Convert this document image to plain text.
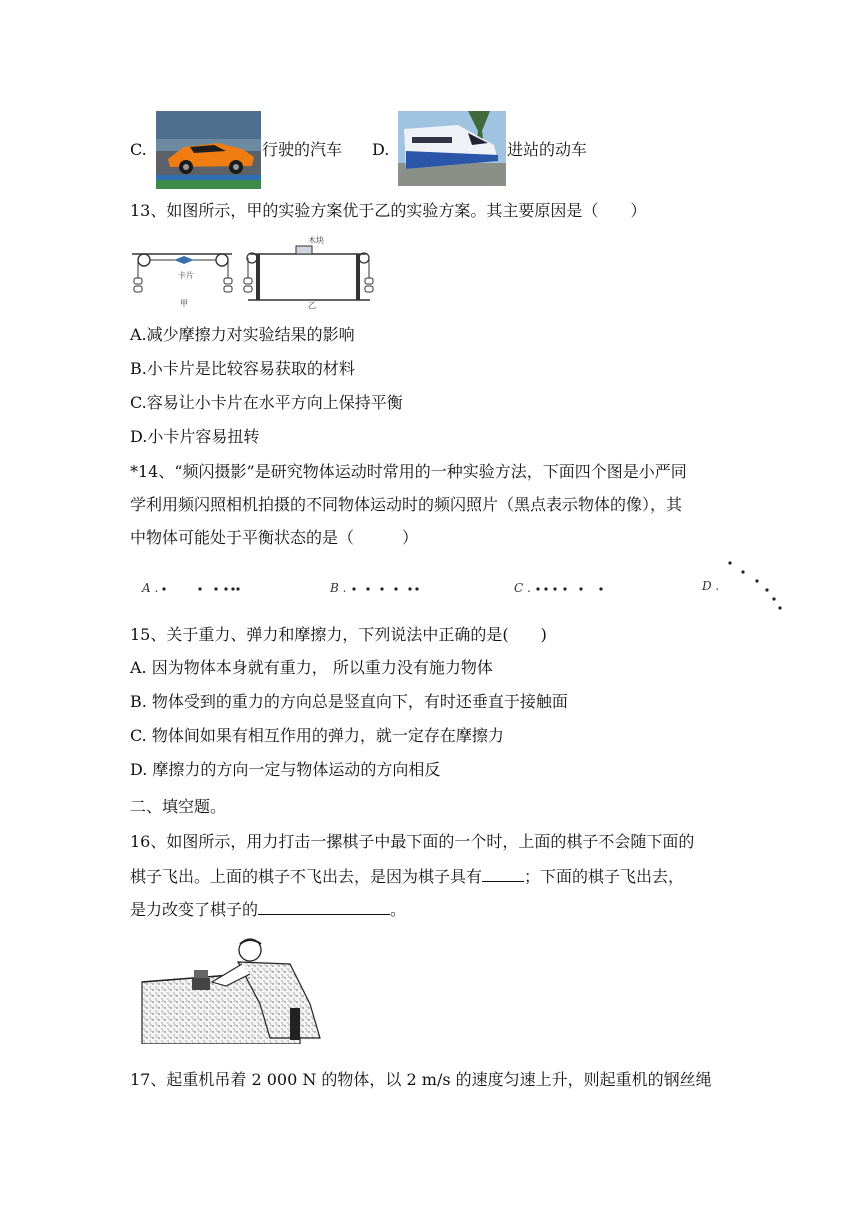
C.	行驶的汽车 D.	进站的动车
13、如图所示，甲的实验方案优于乙的实验方案。其主要原因是（　　）
卡片
甲
木块
乙
A.减少摩擦力对实验结果的影响
B.小卡片是比较容易获取的材料
C.容易让小卡片在水平方向上保持平衡
D.小卡片容易扭转
*14、“频闪摄影”是研究物体运动时常用的一种实验方法，下面四个图是小严同
学利用频闪照相机拍摄的不同物体运动时的频闪照片（黑点表示物体的像），其
中物体可能处于平衡状态的是（　　　）
A .	B .	C .	D .
15、关于重力、弹力和摩擦力，下列说法中正确的是(　　)
A. 因为物体本身就有重力， 所以重力没有施力物体
B. 物体受到的重力的方向总是竖直向下，有时还垂直于接触面
C. 物体间如果有相互作用的弹力，就一定存在摩擦力
D. 摩擦力的方向一定与物体运动的方向相反
二、填空题。
16、如图所示，用力打击一摞棋子中最下面的一个时，上面的棋子不会随下面的
棋子飞出。上面的棋子不飞出去，是因为棋子具有	；下面的棋子飞出去，
是力改变了棋子的	。
17、起重机吊着 2 000 N 的物体，以 2 m/s 的速度匀速上升，则起重机的钢丝绳
